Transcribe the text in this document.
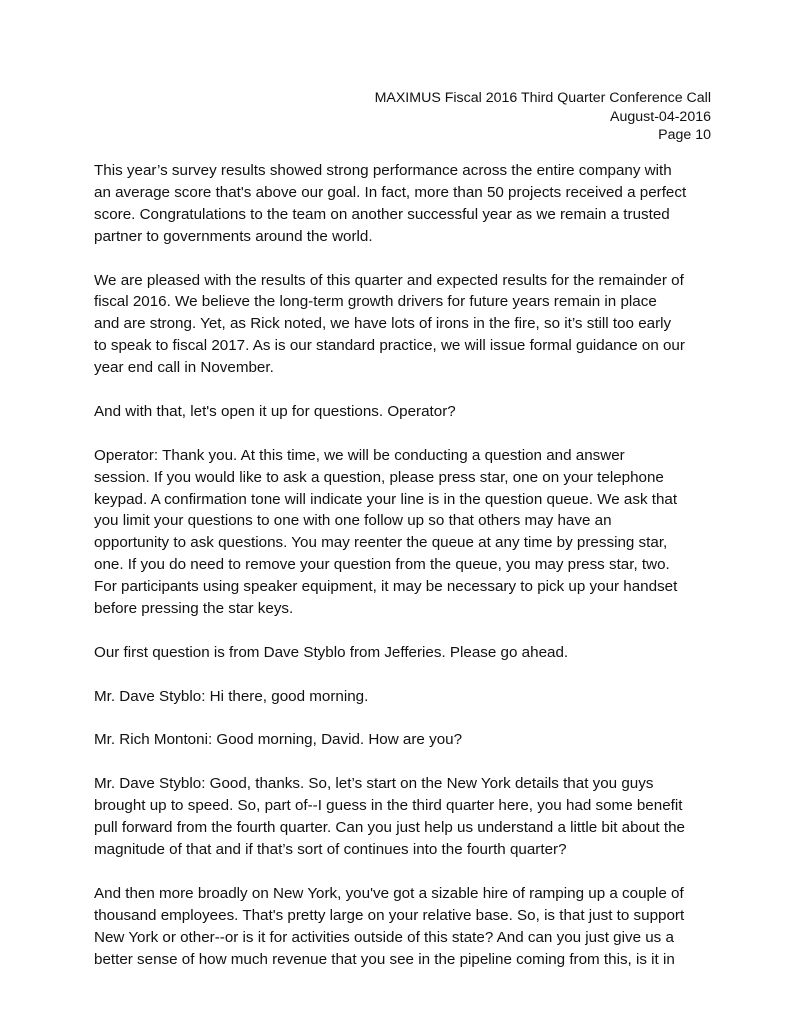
MAXIMUS Fiscal 2016 Third Quarter Conference Call
August-04-2016
Page 10

This year’s survey results showed strong performance across the entire company with
an average score that's above our goal. In fact, more than 50 projects received a perfect
score. Congratulations to the team on another successful year as we remain a trusted
partner to governments around the world.

We are pleased with the results of this quarter and expected results for the remainder of
fiscal 2016. We believe the long-term growth drivers for future years remain in place
and are strong. Yet, as Rick noted, we have lots of irons in the fire, so it’s still too early
to speak to fiscal 2017. As is our standard practice, we will issue formal guidance on our
year end call in November.

And with that, let's open it up for questions. Operator?

Operator: Thank you. At this time, we will be conducting a question and answer
session. If you would like to ask a question, please press star, one on your telephone
keypad. A confirmation tone will indicate your line is in the question queue. We ask that
you limit your questions to one with one follow up so that others may have an
opportunity to ask questions. You may reenter the queue at any time by pressing star,
one. If you do need to remove your question from the queue, you may press star, two.
For participants using speaker equipment, it may be necessary to pick up your handset
before pressing the star keys.

Our first question is from Dave Styblo from Jefferies. Please go ahead.

Mr. Dave Styblo: Hi there, good morning.

Mr. Rich Montoni: Good morning, David. How are you?

Mr. Dave Styblo: Good, thanks. So, let’s start on the New York details that you guys
brought up to speed. So, part of--I guess in the third quarter here, you had some benefit
pull forward from the fourth quarter. Can you just help us understand a little bit about the
magnitude of that and if that’s sort of continues into the fourth quarter?

And then more broadly on New York, you've got a sizable hire of ramping up a couple of
thousand employees. That's pretty large on your relative base. So, is that just to support
New York or other--or is it for activities outside of this state? And can you just give us a
better sense of how much revenue that you see in the pipeline coming from this, is it in
